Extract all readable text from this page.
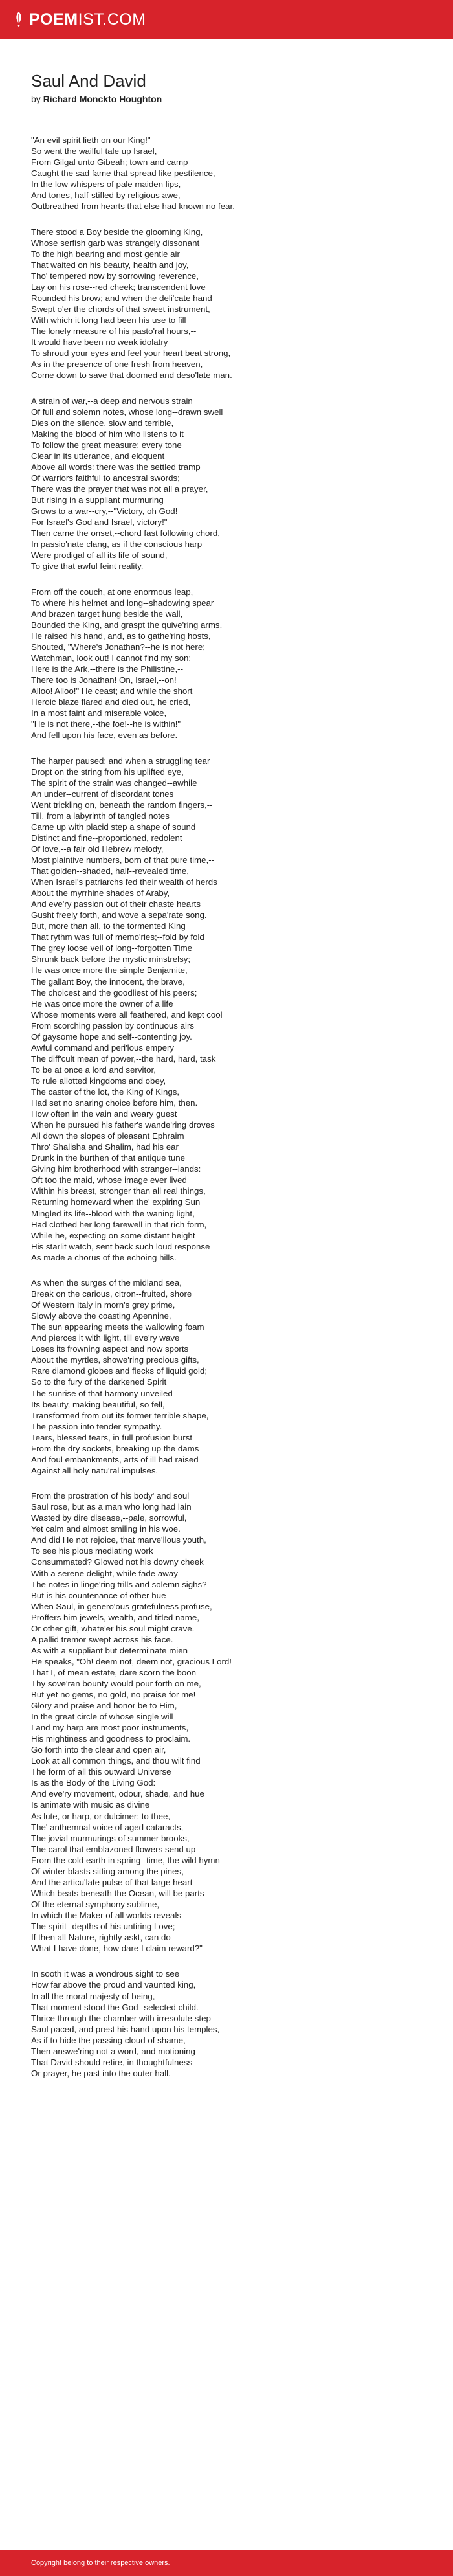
POEM IST.COM
Saul And David
by Richard Monckto Houghton
"An evil spirit lieth on our King!"
So went the wailful tale up Israel,
From Gilgal unto Gibeah; town and camp
Caught the sad fame that spread like pestilence,
In the low whispers of pale maiden lips,
And tones, half-stifled by religious awe,
Outbreathed from hearts that else had known no fear.
There stood a Boy beside the glooming King,
Whose serfish garb was strangely dissonant
To the high bearing and most gentle air
That waited on his beauty, health and joy,
Tho' tempered now by sorrowing reverence,
Lay on his rose--red cheek; transcendent love
Rounded his brow; and when the deli'cate hand
Swept o'er the chords of that sweet instrument,
With which it long had been his use to fill
The lonely measure of his pasto'ral hours,--
It would have been no weak idolatry
To shroud your eyes and feel your heart beat strong,
As in the presence of one fresh from heaven,
Come down to save that doomed and deso'late man.
A strain of war,--a deep and nervous strain
Of full and solemn notes, whose long--drawn swell
Dies on the silence, slow and terrible,
Making the blood of him who listens to it
To follow the great measure; every tone
Clear in its utterance, and eloquent
Above all words: there was the settled tramp
Of warriors faithful to ancestral swords;
There was the prayer that was not all a prayer,
But rising in a suppliant murmuring
Grows to a war--cry,--"Victory, oh God!
For Israel's God and Israel, victory!"
Then came the onset,--chord fast following chord,
In passio'nate clang, as if the conscious harp
Were prodigal of all its life of sound,
To give that awful feint reality.
From off the couch, at one enormous leap,
To where his helmet and long--shadowing spear
And brazen target hung beside the wall,
Bounded the King, and graspt the quive'ring arms.
He raised his hand, and, as to gathe'ring hosts,
Shouted, "Where's Jonathan?--he is not here;
Watchman, look out! I cannot find my son;
Here is the Ark,--there is the Philistine,--
There too is Jonathan! On, Israel,--on!
Alloo! Alloo!" He ceast; and while the short
Heroic blaze flared and died out, he cried,
In a most faint and miserable voice,
"He is not there,--the foe!--he is within!"
And fell upon his face, even as before.
The harper paused; and when a struggling tear
Dropt on the string from his uplifted eye,
The spirit of the strain was changed--awhile
An under--current of discordant tones
Went trickling on, beneath the random fingers,--
Till, from a labyrinth of tangled notes
Came up with placid step a shape of sound
Distinct and fine--proportioned, redolent
Of love,--a fair old Hebrew melody,
Most plaintive numbers, born of that pure time,--
That golden--shaded, half--revealed time,
When Israel's patriarchs fed their wealth of herds
About the myrrhine shades of Araby,
And eve'ry passion out of their chaste hearts
Gusht freely forth, and wove a sepa'rate song.
But, more than all, to the tormented King
That rythm was full of memo'ries;--fold by fold
The grey loose veil of long--forgotten Time
Shrunk back before the mystic minstrelsy;
He was once more the simple Benjamite,
The gallant Boy, the innocent, the brave,
The choicest and the goodliest of his peers;
He was once more the owner of a life
Whose moments were all feathered, and kept cool
From scorching passion by continuous airs
Of gaysome hope and self--contenting joy.
Awful command and peri'lous empery
The diff'cult mean of power,--the hard, hard, task
To be at once a lord and servitor,
To rule allotted kingdoms and obey,
The caster of the lot, the King of Kings,
Had set no snaring choice before him, then.
How often in the vain and weary guest
When he pursued his father's wande'ring droves
All down the slopes of pleasant Ephraim
Thro' Shalisha and Shalim, had his ear
Drunk in the burthen of that antique tune
Giving him brotherhood with stranger--lands:
Oft too the maid, whose image ever lived
Within his breast, stronger than all real things,
Returning homeward when the' expiring Sun
Mingled its life--blood with the waning light,
Had clothed her long farewell in that rich form,
While he, expecting on some distant height
His starlit watch, sent back such loud response
As made a chorus of the echoing hills.
As when the surges of the midland sea,
Break on the carious, citron--fruited, shore
Of Western Italy in morn's grey prime,
Slowly above the coasting Apennine,
The sun appearing meets the wallowing foam
And pierces it with light, till eve'ry wave
Loses its frowning aspect and now sports
About the myrtles, showe'ring precious gifts,
Rare diamond globes and flecks of liquid gold;
So to the fury of the darkened Spirit
The sunrise of that harmony unveiled
Its beauty, making beautiful, so fell,
Transformed from out its former terrible shape,
The passion into tender sympathy.
Tears, blessed tears, in full profusion burst
From the dry sockets, breaking up the dams
And foul embankments, arts of ill had raised
Against all holy natu'ral impulses.
From the prostration of his body' and soul
Saul rose, but as a man who long had lain
Wasted by dire disease,--pale, sorrowful,
Yet calm and almost smiling in his woe.
And did He not rejoice, that marve'llous youth,
To see his pious mediating work
Consummated? Glowed not his downy cheek
With a serene delight, while fade away
The notes in linge'ring trills and solemn sighs?
But is his countenance of other hue
When Saul, in genero'ous gratefulness profuse,
Proffers him jewels, wealth, and titled name,
Or other gift, whate'er his soul might crave.
A pallid tremor swept across his face.
As with a suppliant but determi'nate mien
He speaks, "Oh! deem not, deem not, gracious Lord!
That I, of mean estate, dare scorn the boon
Thy sove'ran bounty would pour forth on me,
But yet no gems, no gold, no praise for me!
Glory and praise and honor be to Him,
In the great circle of whose single will
I and my harp are most poor instruments,
His mightiness and goodness to proclaim.
Go forth into the clear and open air,
Look at all common things, and thou wilt find
The form of all this outward Universe
Is as the Body of the Living God:
And eve'ry movement, odour, shade, and hue
Is animate with music as divine
As lute, or harp, or dulcimer: to thee,
The' anthemnal voice of aged cataracts,
The jovial murmurings of summer brooks,
The carol that emblazoned flowers send up
From the cold earth in spring--time, the wild hymn
Of winter blasts sitting among the pines,
And the articu'late pulse of that large heart
Which beats beneath the Ocean, will be parts
Of the eternal symphony sublime,
In which the Maker of all worlds reveals
The spirit--depths of his untiring Love;
If then all Nature, rightly askt, can do
What I have done, how dare I claim reward?"
In sooth it was a wondrous sight to see
How far above the proud and vaunted king,
In all the moral majesty of being,
That moment stood the God--selected child.
Thrice through the chamber with irresolute step
Saul paced, and prest his hand upon his temples,
As if to hide the passing cloud of shame,
Then answe'ring not a word, and motioning
That David should retire, in thoughtfulness
Or prayer, he past into the outer hall.
Copyright belong to their respective owners.
